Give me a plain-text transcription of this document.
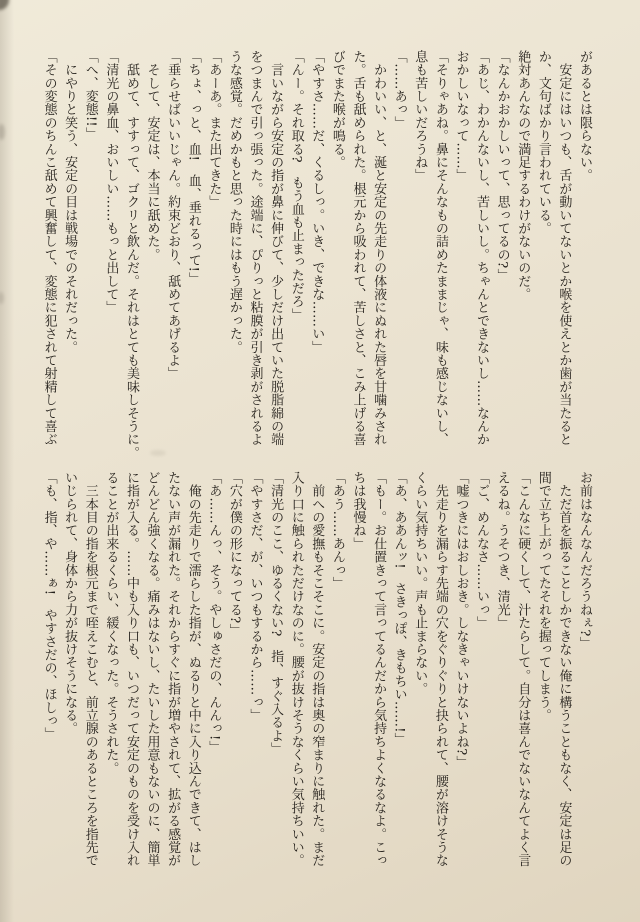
があるとは限らない。
　安定にはいつも、舌が動いてないとか喉を使えとか歯が当たると
か、文句ばかり言われている。
絶対あんなので満足するわけがないのだ。
「なんかおかしいって、思ってるの?」
「あじ、わかんないし、苦しいし。ちゃんとできないし……なんか
おかしいなって……」
「そりゃあね。鼻にそんなもの詰めたままじゃ、味も感じないし、
息も苦しいだろうね」
「……あっ」
　かわいい、と、涎と安定の先走りの体液にぬれた唇を甘噛みされ
た。舌も舐められた。根元から吸われて、苦しさと、こみ上げる喜
びでまた喉が鳴る。
「やすさ……だ、くるしっ。いき、できな……い」
「んー。それ取る?　もう血も止まっただろ」
　言いながら安定の指が鼻に伸びて、少しだけ出ていた脱脂綿の端
をつまんで引っ張った。途端に、ぴりっと粘膜が引き剥がされるよ
うな感覚。だめかもと思った時にはもう遅かった。
「あーあ。また出てきた」
「ちょ、っと、血!　血、垂れるって!」
「垂らせばいいじゃん。約束どおり、舐めてあげるよ」
　そして、安定は、本当に舐めた。
　舐めて、すすって、ゴクリと飲んだ。それはとても美味しそうに。
「清光の鼻血、おいしい……もっと出して」
「へ、変態!!」
　にやりと笑う、安定の目は戦場でのそれだった。
「その変態のちんこ舐めて興奮して、変態に犯されて射精して喜ぶ
お前はなんなんだろうねぇ?」
　ただ首を振ることしかできない俺に構うこともなく、安定は足の
間で立ち上がってたそれを握ってしまう。
「こんなに硬くして、汁たらして。自分は喜んでないなんてよく言
えるね。うそつき、清光」
「ご、めんなさ……いっ」
「嘘つきにはおしおき。しなきゃいけないよね?」
　先走りを漏らす先端の穴をぐりぐりと抉られて、腰が溶けそうな
くらい気持ちいい。声も止まらない。
「あ、ああんッ!　さきっぽ、きもちい……!」
「もー。お仕置きって言ってるんだから気持ちよくなるなよ。こっ
ちは我慢ね」
「あう……あんっ」
　前への愛撫もそこそこに。安定の指は奥の窄まりに触れた。まだ
入り口に触られただけなのに。腰が抜けそうなくらい気持ちいい。
「清光のここ、ゆるくない?　指、すぐ入るよ」
「やすさだ、が、いつもするから……っ」
「穴が僕の形になってる?」
「あ……んっ、そう。やしゅさだの、んんっ!」
　俺の先走りで濡らした指が、ぬるりと中に入り込んできて、はし
たない声が漏れた。それからすぐに指が増やされて、拡がる感覚が
どんどん強くなる。痛みはないし、たいした用意もないのに、簡単
に指が入る。……中も入り口も、いつだって安定のものを受け入れ
ることが出来るくらい、緩くなった。そうされた。
　三本目の指を根元まで咥えこむと、前立腺のあるところを指先で
いじられて、身体から力が抜けそうになる。
「も、指、や……ぁ!　やすさだの、ほしっ」
